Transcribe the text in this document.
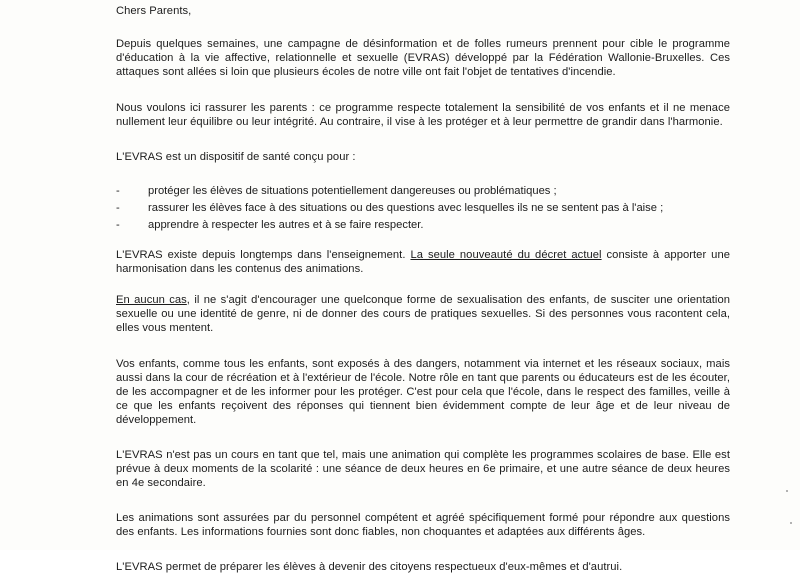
Chers Parents,

Depuis quelques semaines, une campagne de désinformation et de folles rumeurs prennent pour cible le programme d'éducation à la vie affective, relationnelle et sexuelle (EVRAS) développé par la Fédération Wallonie-Bruxelles. Ces attaques sont allées si loin que plusieurs écoles de notre ville ont fait l'objet de tentatives d'incendie.

Nous voulons ici rassurer les parents : ce programme respecte totalement la sensibilité de vos enfants et il ne menace nullement leur équilibre ou leur intégrité. Au contraire, il vise à les protéger et à leur permettre de grandir dans l'harmonie.

L'EVRAS est un dispositif de santé conçu pour :

-	protéger les élèves de situations potentiellement dangereuses ou problématiques ;
-	rassurer les élèves face à des situations ou des questions avec lesquelles ils ne se sentent pas à l'aise ;
-	apprendre à respecter les autres et à se faire respecter.

L'EVRAS existe depuis longtemps dans l'enseignement. La seule nouveauté du décret actuel consiste à apporter une harmonisation dans les contenus des animations.

En aucun cas, il ne s'agit d'encourager une quelconque forme de sexualisation des enfants, de susciter une orientation sexuelle ou une identité de genre, ni de donner des cours de pratiques sexuelles. Si des personnes vous racontent cela, elles vous mentent.

Vos enfants, comme tous les enfants, sont exposés à des dangers, notamment via internet et les réseaux sociaux, mais aussi dans la cour de récréation et à l'extérieur de l'école. Notre rôle en tant que parents ou éducateurs est de les écouter, de les accompagner et de les informer pour les protéger. C'est pour cela que l'école, dans le respect des familles, veille à ce que les enfants reçoivent des réponses qui tiennent bien évidemment compte de leur âge et de leur niveau de développement.

L'EVRAS n'est pas un cours en tant que tel, mais une animation qui complète les programmes scolaires de base. Elle est prévue à deux moments de la scolarité : une séance de deux heures en 6e primaire, et une autre séance de deux heures en 4e secondaire.

Les animations sont assurées par du personnel compétent et agréé spécifiquement formé pour répondre aux questions des enfants. Les informations fournies sont donc fiables, non choquantes et adaptées aux différents âges.

L'EVRAS permet de préparer les élèves à devenir des citoyens respectueux d'eux-mêmes et d'autrui.
